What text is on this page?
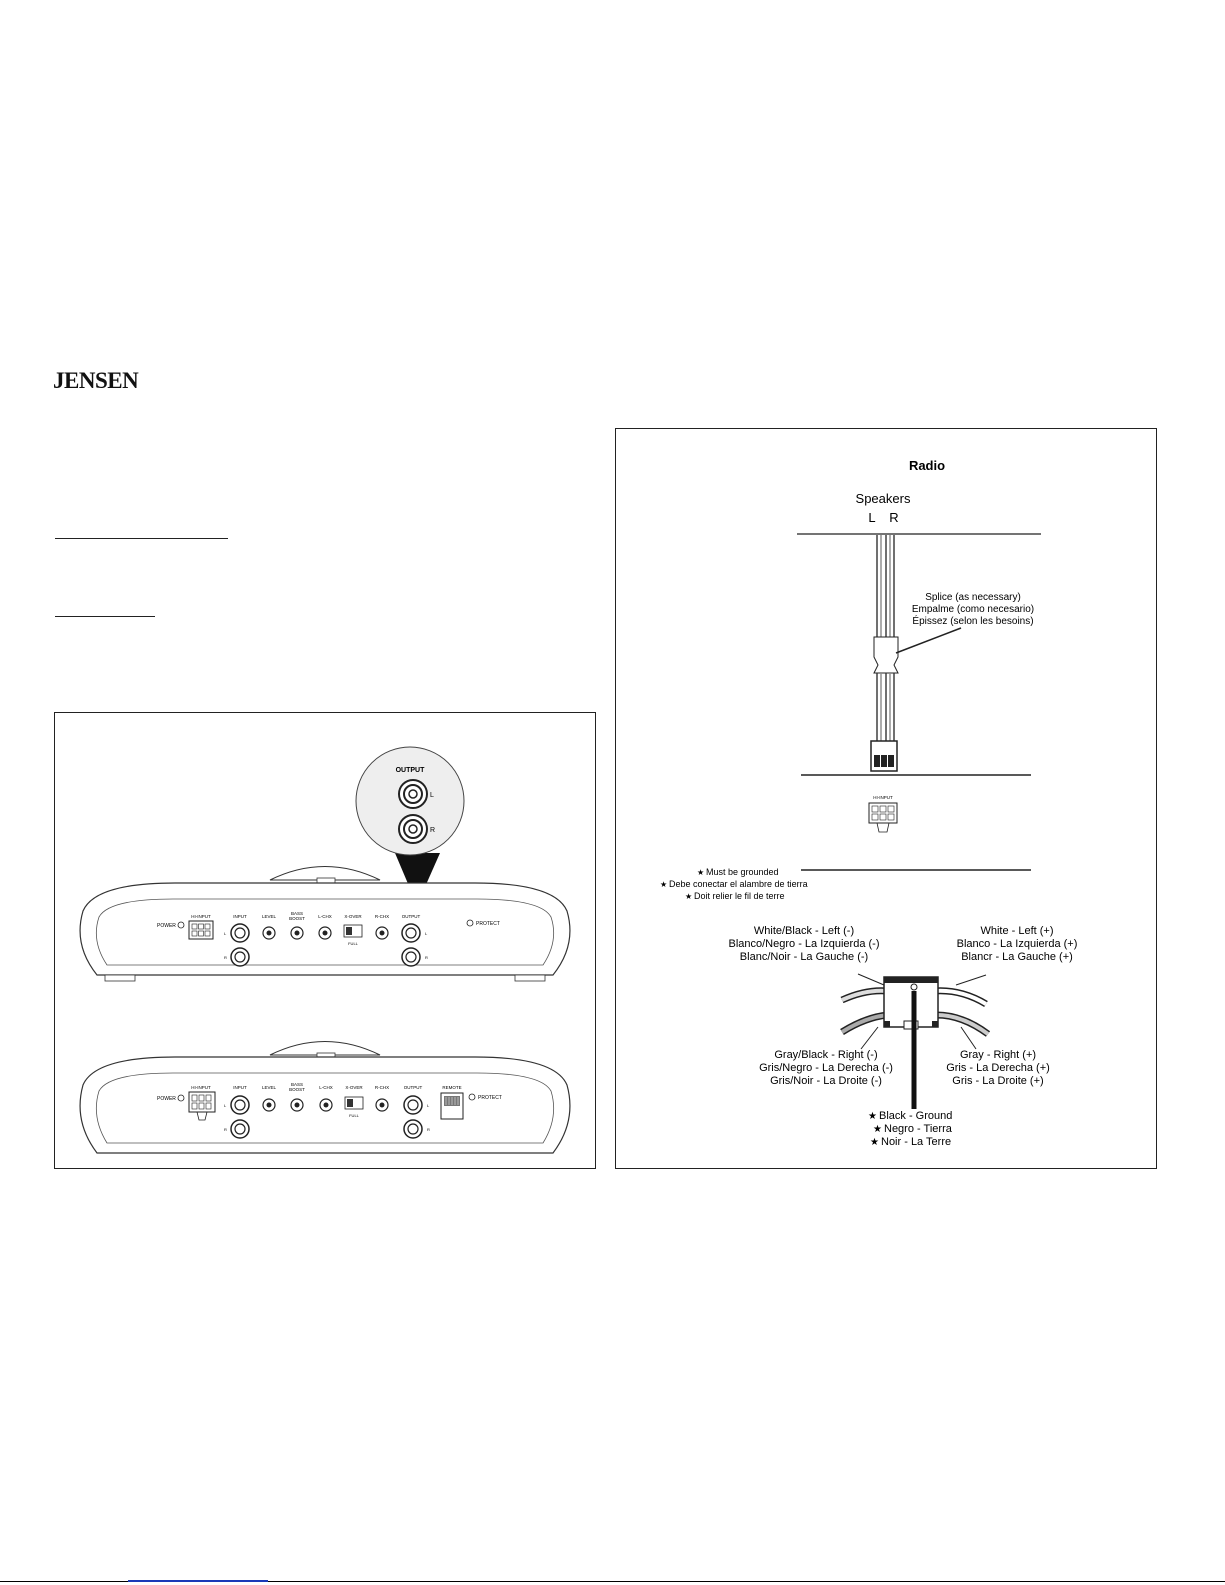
JENSEN
OUTPUT
L
R
POWER
HI-INPUT	INPUT
L
R
LEVEL
BASS
BOOST	L-CHX	X-OVER
FULL
R-CHX	OUTPUT
L
R
PROTECT
POWER
HI-INPUT	INPUT
L
R
LEVEL
BASS
BOOST	L-CHX	X-OVER
FULL
R-CHX	OUTPUT
L
R
REMOTE
PROTECT
Radio
Speakers
L R
Splice (as necessary)
Empalme (como necesario)
Épissez (selon les besoins)
HI-INPUT
★ Must be grounded
★ Debe conectar el alambre de tierra
★ Doit relier le fil de terre
White/Black - Left (-)
Blanco/Negro - La Izquierda (-)
Blanc/Noir - La Gauche (-)
White - Left (+)
Blanco - La Izquierda (+)
Blancr - La Gauche (+)
Gray/Black - Right (-)
Gris/Negro - La Derecha (-)
Gris/Noir - La Droite (-)
Gray - Right (+)
Gris - La Derecha (+)
Gris - La Droite (+)
★ Black - Ground
★ Negro - Tierra
★ Noir - La Terre
